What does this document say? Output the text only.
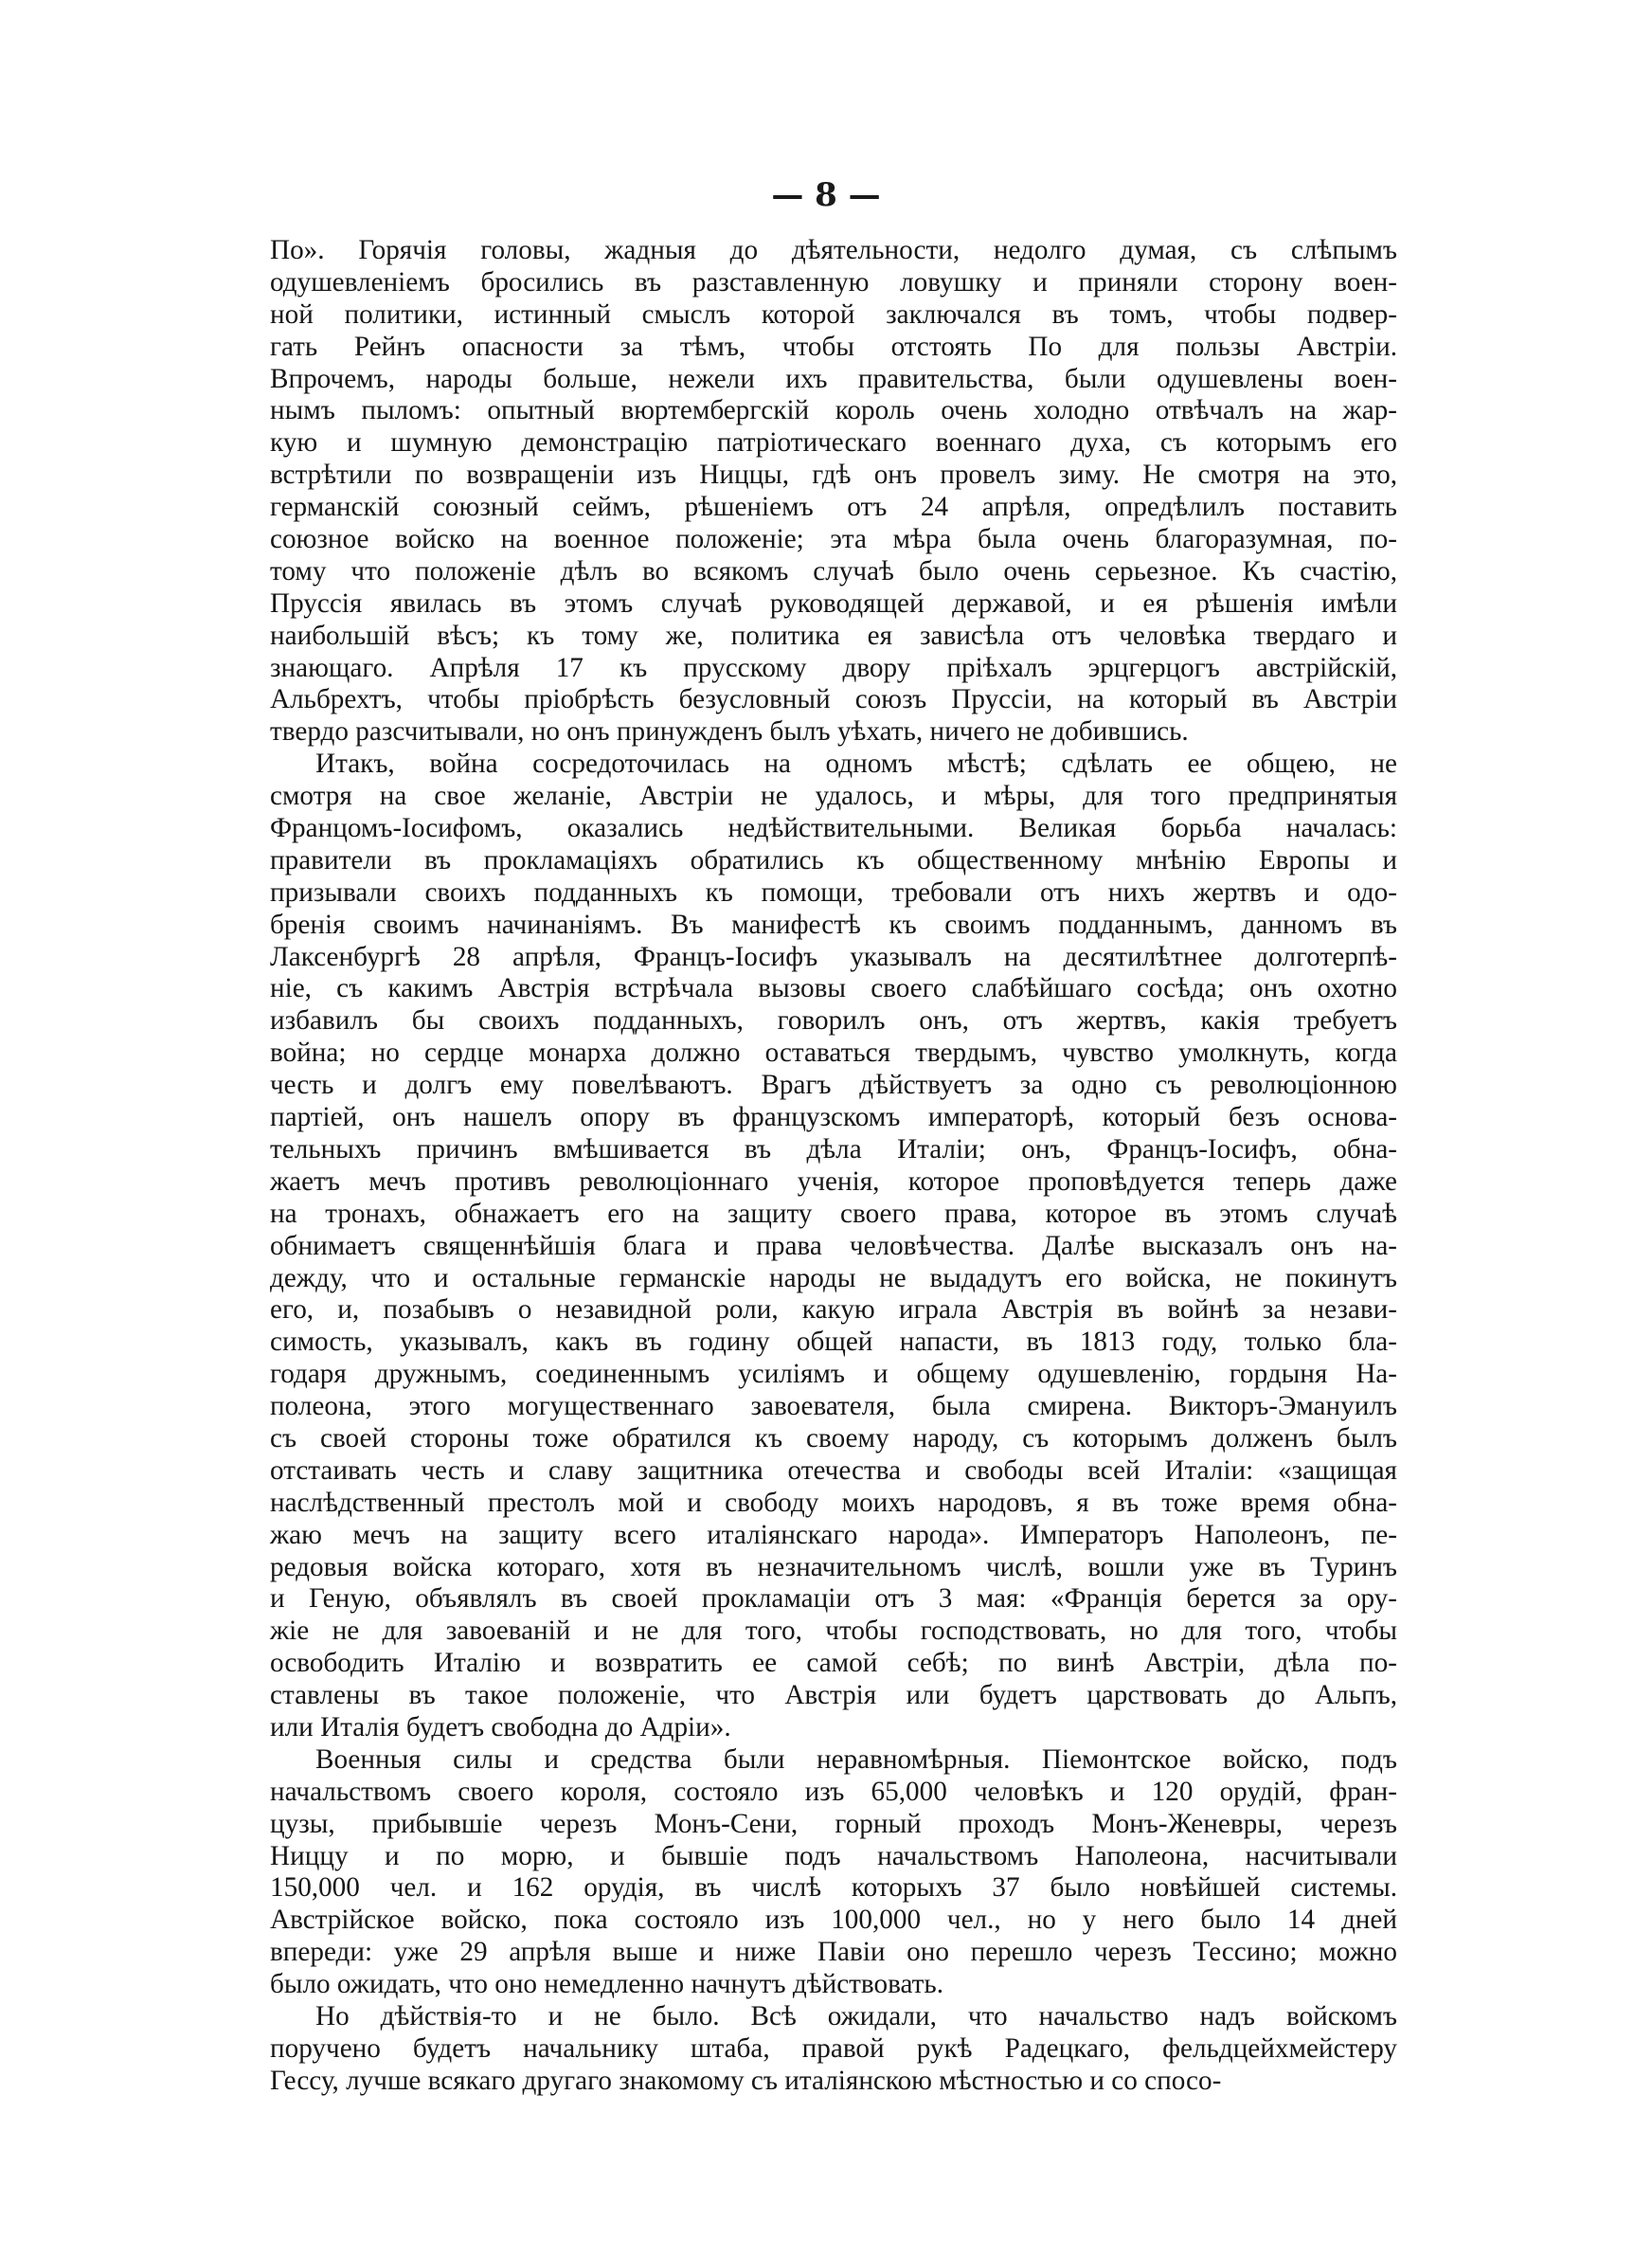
— 8 —
По». Горячія головы, жадныя до дѣятельности, недолго думая, съ слѣпымъ
одушевленіемъ бросились въ разставленную ловушку и приняли сторону воен-
ной политики, истинный смыслъ которой заключался въ томъ, чтобы подвер-
гать Рейнъ опасности за тѣмъ, чтобы отстоять По для пользы Австріи.
Впрочемъ, народы больше, нежели ихъ правительства, были одушевлены воен-
нымъ пыломъ: опытный вюртембергскій король очень холодно отвѣчалъ на жар-
кую и шумную демонстрацію патріотическаго военнаго духа, съ которымъ его
встрѣтили по возвращеніи изъ Ниццы, гдѣ онъ провелъ зиму. Не смотря на это,
германскій союзный сеймъ, рѣшеніемъ отъ 24 апрѣля, опредѣлилъ поставить
союзное войско на военное положеніе; эта мѣра была очень благоразумная, по-
тому что положеніе дѣлъ во всякомъ случаѣ было очень серьезное. Къ счастію,
Пруссія явилась въ этомъ случаѣ руководящей державой, и ея рѣшенія имѣли
наибольшій вѣсъ; къ тому же, политика ея зависѣла отъ человѣка твердаго и
знающаго. Апрѣля 17 къ прусскому двору пріѣхалъ эрцгерцогъ австрійскій,
Альбрехтъ, чтобы пріобрѣсть безусловный союзъ Пруссіи, на который въ Австріи
твердо разсчитывали, но онъ принужденъ былъ уѣхать, ничего не добившись.
Итакъ, война сосредоточилась на одномъ мѣстѣ; сдѣлать ее общею, не
смотря на свое желаніе, Австріи не удалось, и мѣры, для того предпринятыя
Францомъ-Іосифомъ, оказались недѣйствительными. Великая борьба началась:
правители въ прокламаціяхъ обратились къ общественному мнѣнію Европы и
призывали своихъ подданныхъ къ помощи, требовали отъ нихъ жертвъ и одо-
бренія своимъ начинаніямъ. Въ манифестѣ къ своимъ подданнымъ, данномъ въ
Лаксенбургѣ 28 апрѣля, Францъ-Іосифъ указывалъ на десятилѣтнее долготерпѣ-
ніе, съ какимъ Австрія встрѣчала вызовы своего слабѣйшаго сосѣда; онъ охотно
избавилъ бы своихъ подданныхъ, говорилъ онъ, отъ жертвъ, какія требуетъ
война; но сердце монарха должно оставаться твердымъ, чувство умолкнуть, когда
честь и долгъ ему повелѣваютъ. Врагъ дѣйствуетъ за одно съ революціонною
партіей, онъ нашелъ опору въ французскомъ императорѣ, который безъ основа-
тельныхъ причинъ вмѣшивается въ дѣла Италіи; онъ, Францъ-Іосифъ, обна-
жаетъ мечъ противъ революціоннаго ученія, которое проповѣдуется теперь даже
на тронахъ, обнажаетъ его на защиту своего права, которое въ этомъ случаѣ
обнимаетъ священнѣйшія блага и права человѣчества. Далѣе высказалъ онъ на-
дежду, что и остальные германскіе народы не выдадутъ его войска, не покинутъ
его, и, позабывъ о незавидной роли, какую играла Австрія въ войнѣ за незави-
симость, указывалъ, какъ въ годину общей напасти, въ 1813 году, только бла-
годаря дружнымъ, соединеннымъ усиліямъ и общему одушевленію, гордыня На-
полеона, этого могущественнаго завоевателя, была смирена. Викторъ-Эмануилъ
съ своей стороны тоже обратился къ своему народу, съ которымъ долженъ былъ
отстаивать честь и славу защитника отечества и свободы всей Италіи: «защищая
наслѣдственный престолъ мой и свободу моихъ народовъ, я въ тоже время обна-
жаю мечъ на защиту всего италіянскаго народа». Императоръ Наполеонъ, пе-
редовыя войска котораго, хотя въ незначительномъ числѣ, вошли уже въ Туринъ
и Геную, объявлялъ въ своей прокламаціи отъ 3 мая: «Франція берется за ору-
жіе не для завоеваній и не для того, чтобы господствовать, но для того, чтобы
освободить Италію и возвратить ее самой себѣ; по винѣ Австріи, дѣла по-
ставлены въ такое положеніе, что Австрія или будетъ царствовать до Альпъ,
или Италія будетъ свободна до Адріи».
Военныя силы и средства были неравномѣрныя. Піемонтское войско, подъ
начальствомъ своего короля, состояло изъ 65,000 человѣкъ и 120 орудій, фран-
цузы, прибывшіе черезъ Монъ-Сени, горный проходъ Монъ-Женевры, черезъ
Ниццу и по морю, и бывшіе подъ начальствомъ Наполеона, насчитывали
150,000 чел. и 162 орудія, въ числѣ которыхъ 37 было новѣйшей системы.
Австрійское войско, пока состояло изъ 100,000 чел., но у него было 14 дней
впереди: уже 29 апрѣля выше и ниже Павіи оно перешло черезъ Тессино; можно
было ожидать, что оно немедленно начнутъ дѣйствовать.
Но дѣйствія-то и не было. Всѣ ожидали, что начальство надъ войскомъ
поручено будетъ начальнику штаба, правой рукѣ Радецкаго, фельдцейхмейстеру
Гессу, лучше всякаго другаго знакомому съ италіянскою мѣстностью и со спосо-
